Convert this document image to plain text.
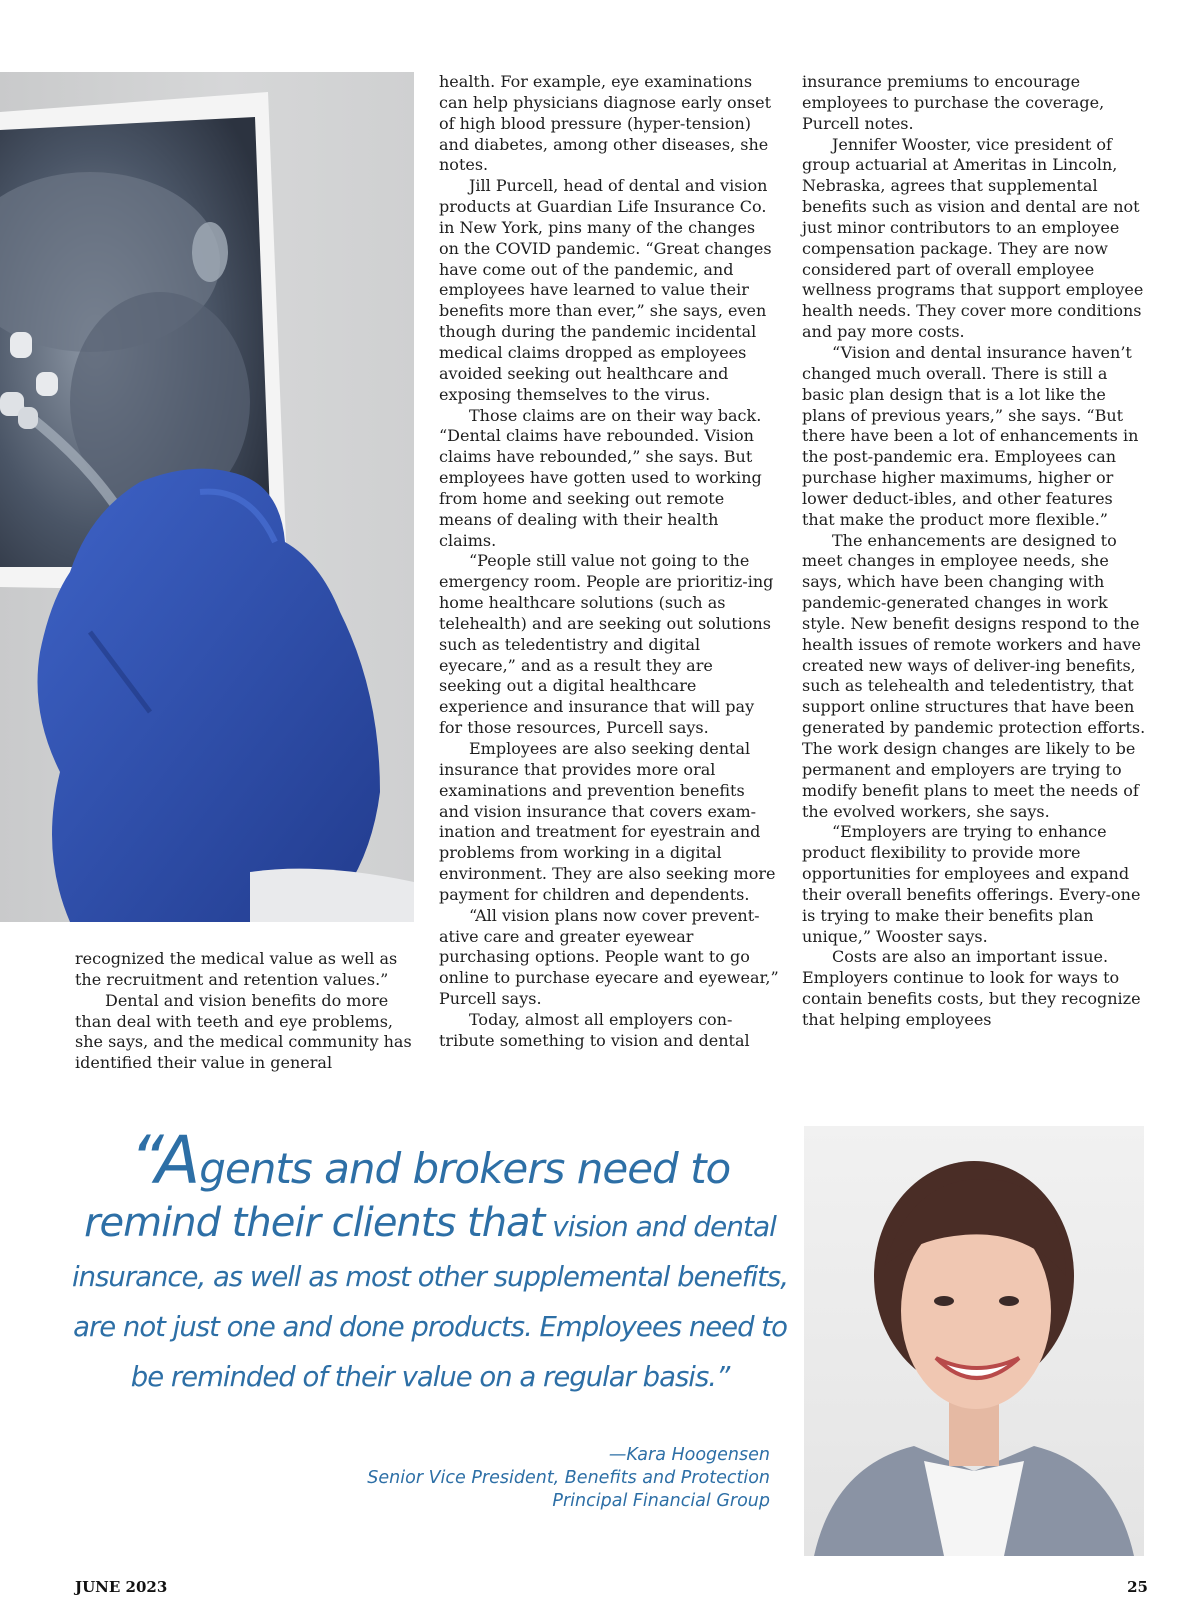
recognized the medical value as well as the recruitment and retention values.”

Dental and vision benefits do more than deal with teeth and eye problems, she says, and the medical community has identified their value in general

health. For example, eye examinations can help physicians diagnose early onset of high blood pressure (hyper-tension) and diabetes, among other diseases, she notes.

Jill Purcell, head of dental and vision products at Guardian Life Insurance Co. in New York, pins many of the changes on the COVID pandemic. “Great changes have come out of the pandemic, and employees have learned to value their benefits more than ever,” she says, even though during the pandemic incidental medical claims dropped as employees avoided seeking out healthcare and exposing themselves to the virus.

Those claims are on their way back. “Dental claims have rebounded. Vision claims have rebounded,” she says. But employees have gotten used to working from home and seeking out remote means of dealing with their health claims.

“People still value not going to the emergency room. People are prioritiz-ing home healthcare solutions (such as telehealth) and are seeking out solutions such as teledentistry and digital eyecare,” and as a result they are seeking out a digital healthcare experience and insurance that will pay for those resources, Purcell says.

Employees are also seeking dental insurance that provides more oral examinations and prevention benefits and vision insurance that covers exam-ination and treatment for eyestrain and problems from working in a digital environment. They are also seeking more payment for children and dependents.

“All vision plans now cover prevent-ative care and greater eyewear purchasing options. People want to go online to purchase eyecare and eyewear,” Purcell says.

Today, almost all employers con-tribute something to vision and dental

insurance premiums to encourage employees to purchase the coverage, Purcell notes.

Jennifer Wooster, vice president of group actuarial at Ameritas in Lincoln, Nebraska, agrees that supplemental benefits such as vision and dental are not just minor contributors to an employee compensation package. They are now considered part of overall employee wellness programs that support employee health needs. They cover more conditions and pay more costs.

“Vision and dental insurance haven’t changed much overall. There is still a basic plan design that is a lot like the plans of previous years,” she says. “But there have been a lot of enhancements in the post-pandemic era. Employees can purchase higher maximums, higher or lower deduct-ibles, and other features that make the product more flexible.”

The enhancements are designed to meet changes in employee needs, she says, which have been changing with pandemic-generated changes in work style. New benefit designs respond to the health issues of remote workers and have created new ways of deliver-ing benefits, such as telehealth and teledentistry, that support online structures that have been generated by pandemic protection efforts. The work design changes are likely to be permanent and employers are trying to modify benefit plans to meet the needs of the evolved workers, she says.

“Employers are trying to enhance product flexibility to provide more opportunities for employees and expand their overall benefits offerings. Every-one is trying to make their benefits plan unique,” Wooster says.

Costs are also an important issue. Employers continue to look for ways to contain benefits costs, but they recognize that helping employees

“Agents and brokers need to
remind their clients that vision and dental
insurance, as well as most other supplemental benefits,
are not just one and done products. Employees need to
be reminded of their value on a regular basis.”
—Kara Hoogensen
Senior Vice President, Benefits and Protection
Principal Financial Group
JUNE 2023	25
